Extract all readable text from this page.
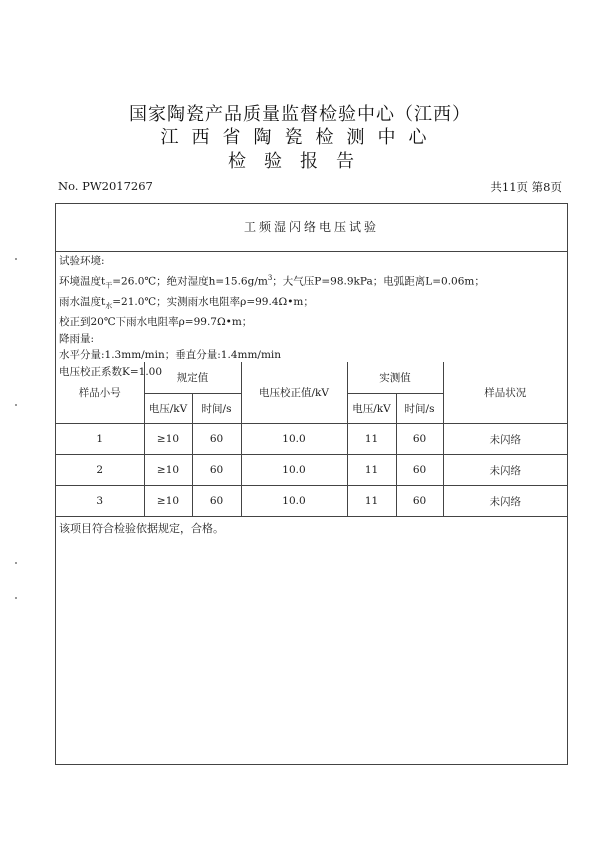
国家陶瓷产品质量监督检验中心（江西）
江西省陶瓷检测中心
检验报告
No. PW2017267	共11页 第8页
工频湿闪络电压试验
试验环境:
环境温度$t_干=26.0℃$；绝对湿度$h=15.6g/m^3$；大气压P=98.9kPa；电弧距离L=0.06m；
雨水温度$t_水=21.0℃$；实测雨水电阻率ρ=99.4Ω•m；
校正到20℃下雨水电阻率ρ=99.7Ω•m；
降雨量:
水平分量:1.3mm/min；垂直分量:1.4mm/min
电压校正系数K=1.00
样品小号	规定值		电压校正值/kV	实测值		样品状况
	电压/kV	时间/s		电压/kV	时间/s	
1	≥10	60	10.0	11	60	未闪络
2	≥10	60	10.0	11	60	未闪络
3	≥10	60	10.0	11	60	未闪络
该项目符合检验依据规定，合格。
